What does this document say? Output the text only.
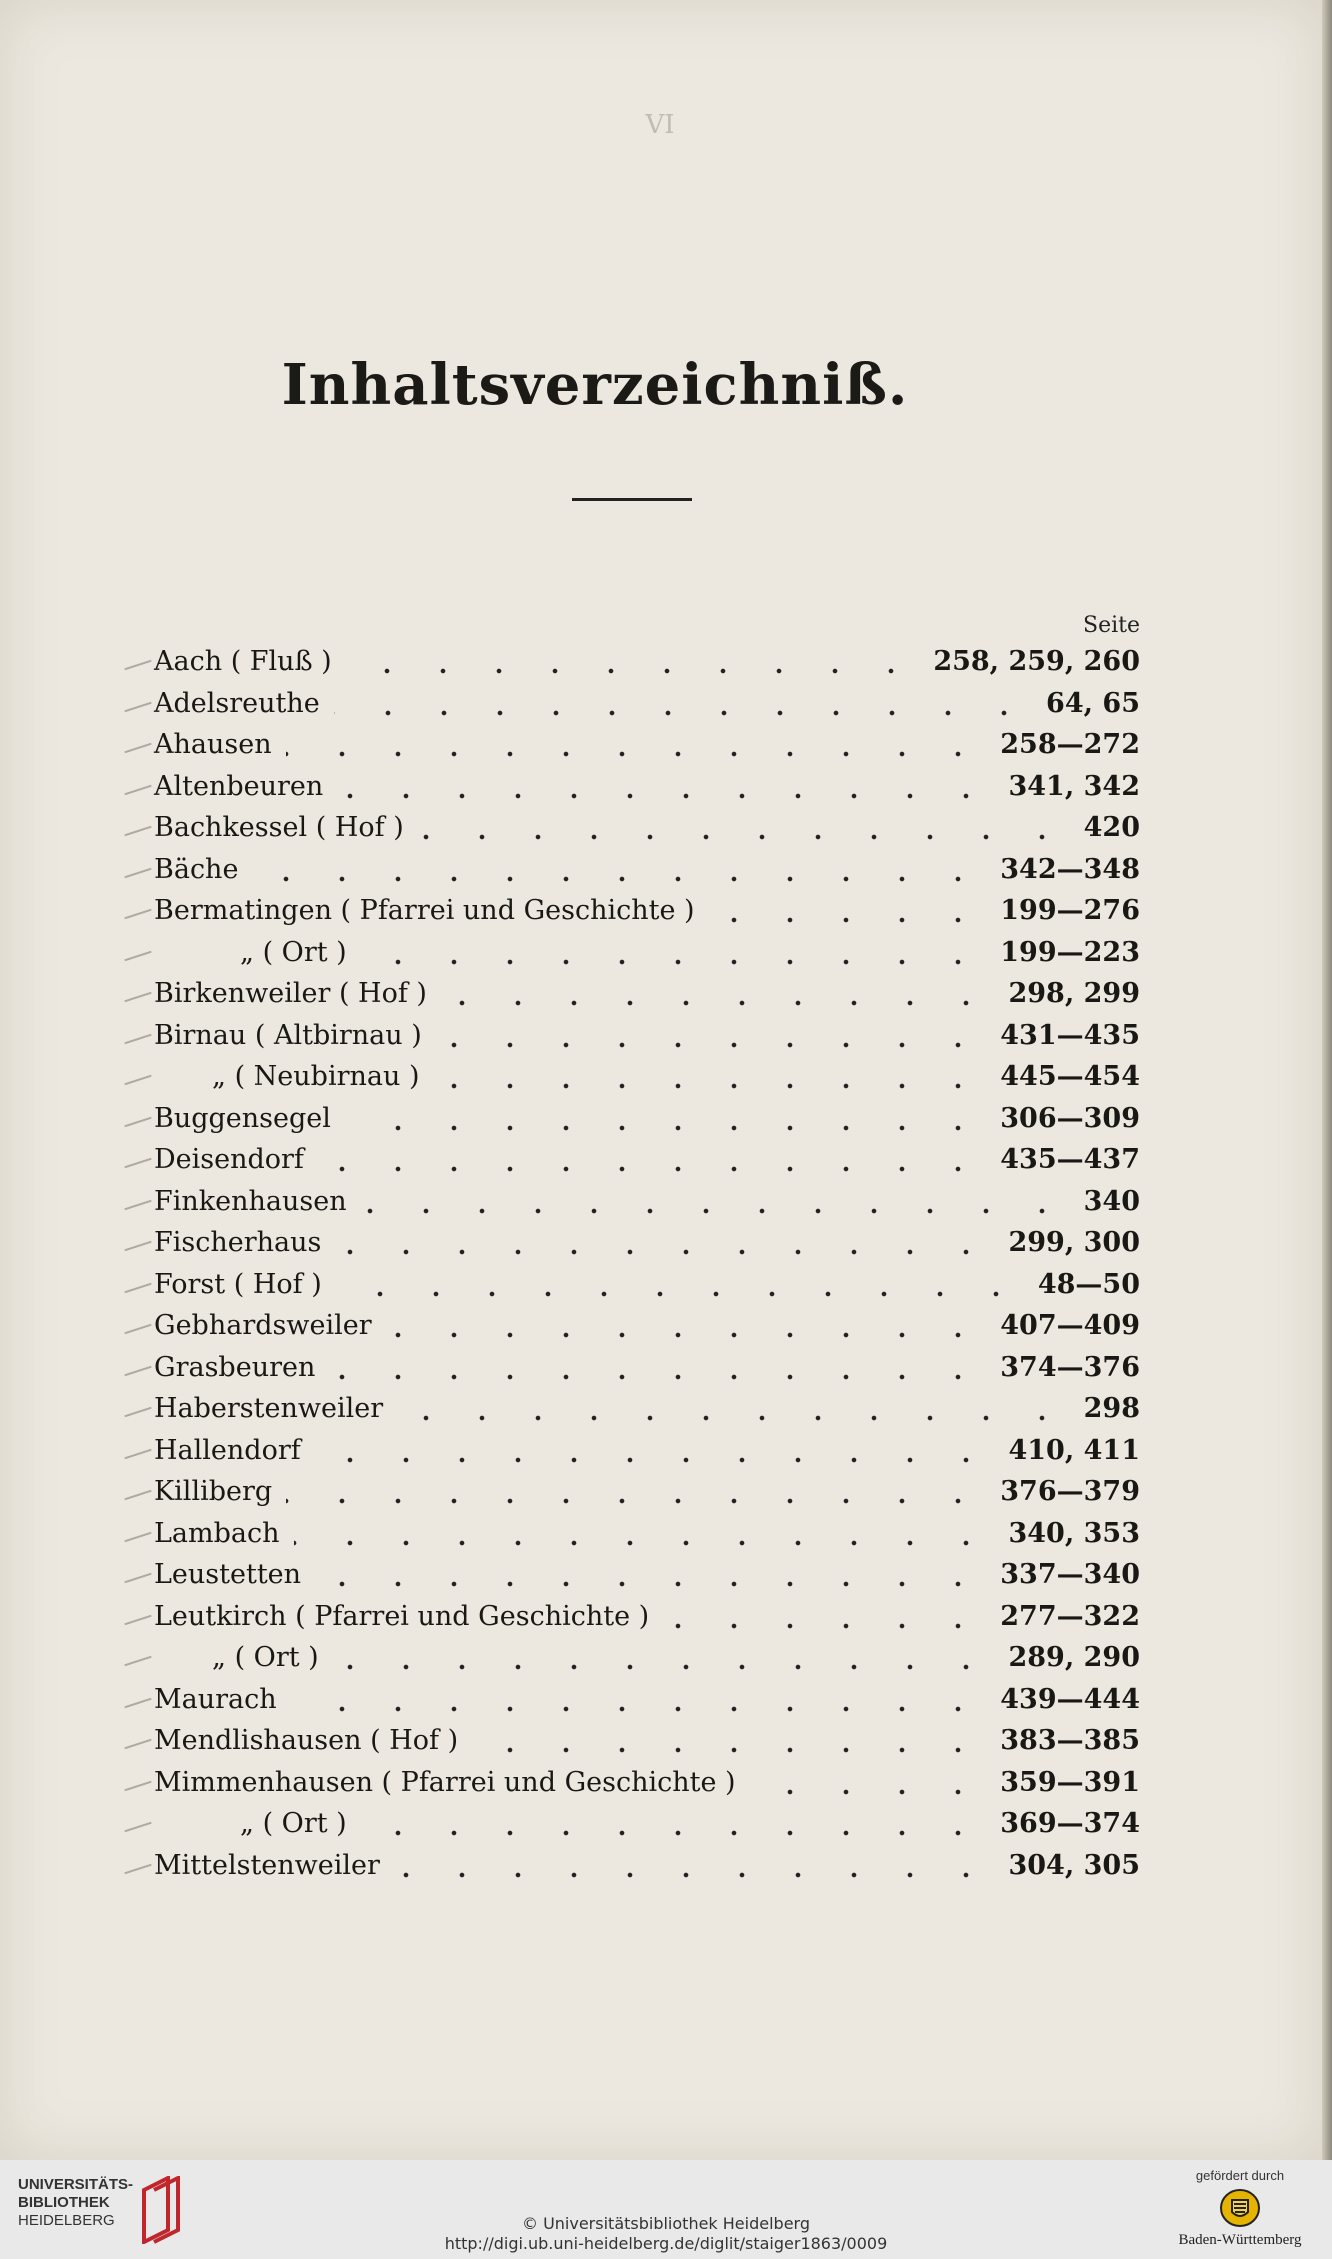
VI
Inhaltsverzeichniß.
Seite
Aach ( Fluß )	258, 259, 260
Adelsreuthe	64, 65
Ahausen	258—272
Altenbeuren	341, 342
Bachkessel ( Hof )	420
Bäche	342—348
Bermatingen ( Pfarrei und Geschichte )	199—276
„ ( Ort )	199—223
Birkenweiler ( Hof )	298, 299
Birnau ( Altbirnau )	431—435
„ ( Neubirnau )	445—454
Buggensegel	306—309
Deisendorf	435—437
Finkenhausen	340
Fischerhaus	299, 300
Forst ( Hof )	48—50
Gebhardsweiler	407—409
Grasbeuren	374—376
Haberstenweiler	298
Hallendorf	410, 411
Killiberg	376—379
Lambach	340, 353
Leustetten	337—340
Leutkirch ( Pfarrei und Geschichte )	277—322
„ ( Ort )	289, 290
Maurach	439—444
Mendlishausen ( Hof )	383—385
Mimmenhausen ( Pfarrei und Geschichte )	359—391
„ ( Ort )	369—374
Mittelstenweiler	304, 305
UNIVERSITÄTS-
BIBLIOTHEK
HEIDELBERG	© Universitätsbibliothek Heidelberg
http://digi.ub.uni-heidelberg.de/diglit/staiger1863/0009
gefördert durch
Baden-Württemberg
